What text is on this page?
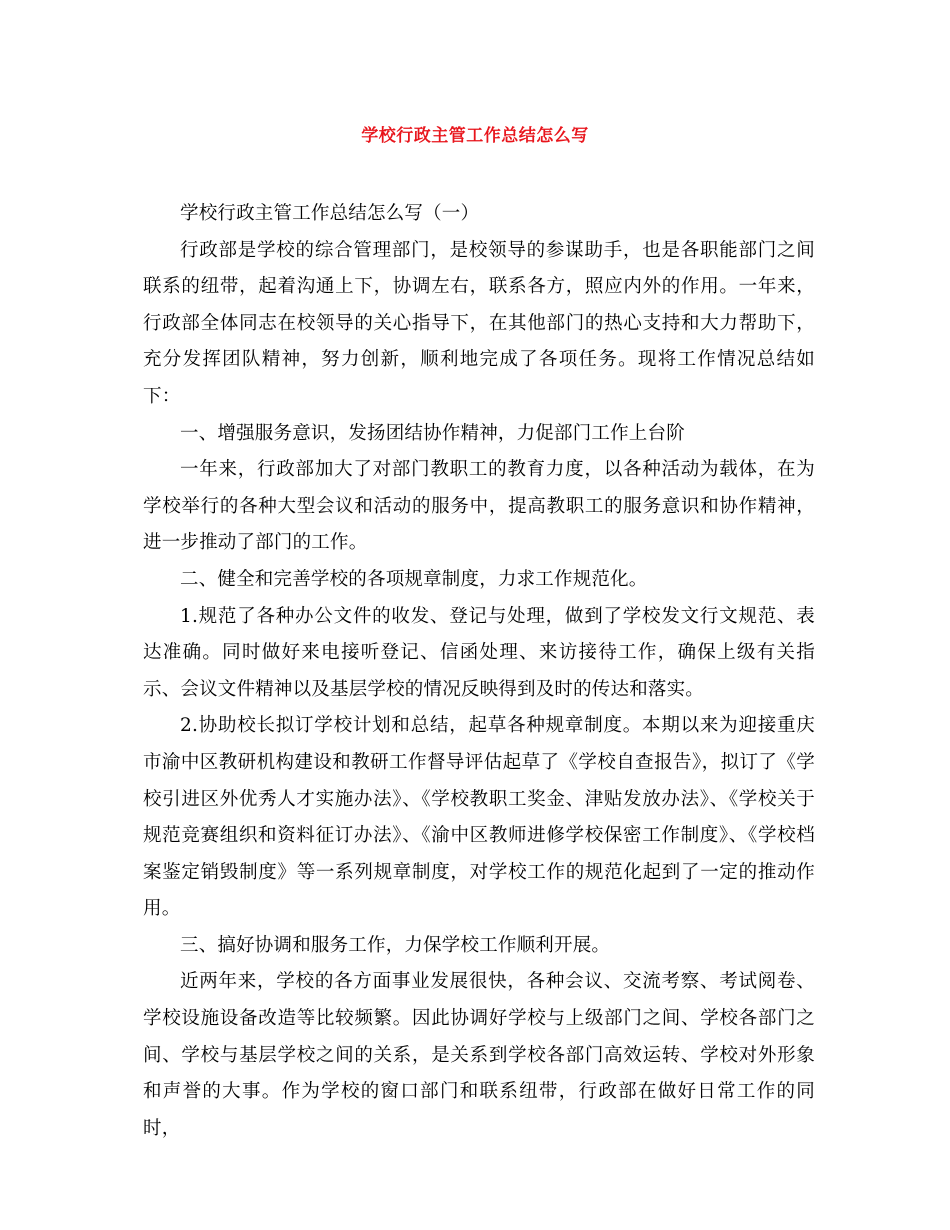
学校行政主管工作总结怎么写

学校行政主管工作总结怎么写（一）

行政部是学校的综合管理部门，是校领导的参谋助手，也是各职能部门之间联系的纽带，起着沟通上下，协调左右，联系各方，照应内外的作用。一年来，行政部全体同志在校领导的关心指导下，在其他部门的热心支持和大力帮助下，充分发挥团队精神，努力创新，顺利地完成了各项任务。现将工作情况总结如下：

一、增强服务意识，发扬团结协作精神，力促部门工作上台阶

一年来，行政部加大了对部门教职工的教育力度，以各种活动为载体，在为学校举行的各种大型会议和活动的服务中，提高教职工的服务意识和协作精神，进一步推动了部门的工作。

二、健全和完善学校的各项规章制度，力求工作规范化。

1.规范了各种办公文件的收发、登记与处理，做到了学校发文行文规范、表达准确。同时做好来电接听登记、信函处理、来访接待工作，确保上级有关指示、会议文件精神以及基层学校的情况反映得到及时的传达和落实。

2.协助校长拟订学校计划和总结，起草各种规章制度。本期以来为迎接重庆市渝中区教研机构建设和教研工作督导评估起草了《学校自查报告》，拟订了《学校引进区外优秀人才实施办法》、《学校教职工奖金、津贴发放办法》、《学校关于规范竞赛组织和资料征订办法》、《渝中区教师进修学校保密工作制度》、《学校档案鉴定销毁制度》等一系列规章制度，对学校工作的规范化起到了一定的推动作用。

三、搞好协调和服务工作，力保学校工作顺利开展。

近两年来，学校的各方面事业发展很快，各种会议、交流考察、考试阅卷、学校设施设备改造等比较频繁。因此协调好学校与上级部门之间、学校各部门之间、学校与基层学校之间的关系，是关系到学校各部门高效运转、学校对外形象和声誉的大事。作为学校的窗口部门和联系纽带，行政部在做好日常工作的同时，
